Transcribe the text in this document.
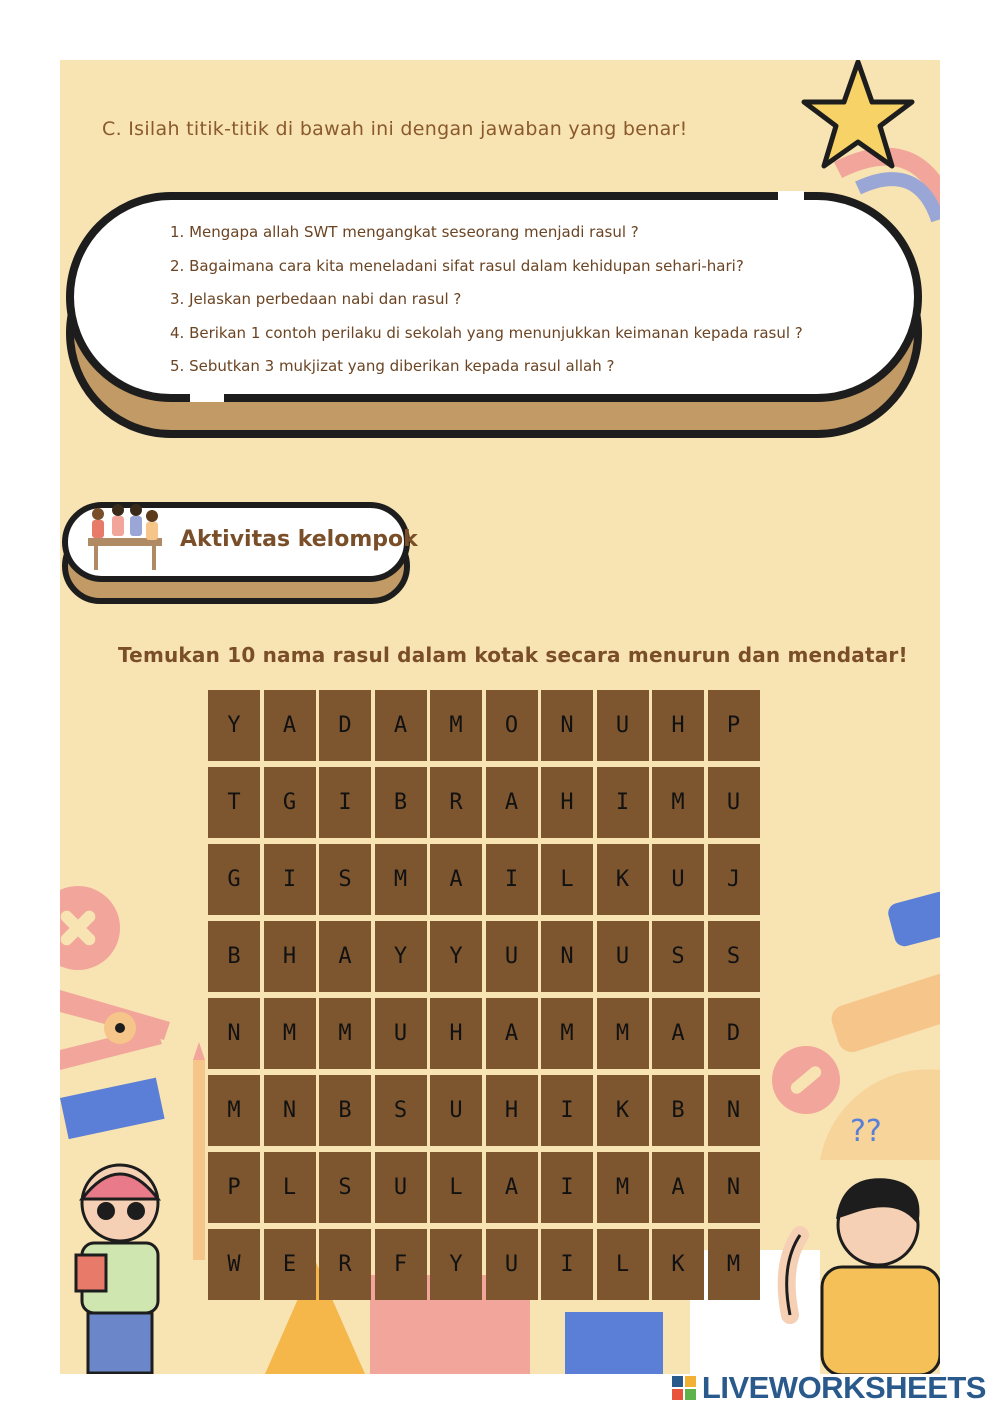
C. Isilah titik-titik di bawah ini dengan jawaban yang benar!
1. Mengapa allah SWT mengangkat seseorang menjadi rasul ?
2. Bagaimana cara kita meneladani sifat rasul dalam kehidupan sehari-hari?
3. Jelaskan perbedaan nabi dan rasul ?
4. Berikan 1 contoh perilaku di sekolah yang menunjukkan keimanan kepada rasul ?
5. Sebutkan 3 mukjizat yang diberikan kepada rasul allah ?
Aktivitas kelompok
Temukan 10 nama rasul dalam kotak secara menurun dan mendatar!
??
Y	A	D	A	M	O	N	U	H	P
T	G	I	B	R	A	H	I	M	U
G	I	S	M	A	I	L	K	U	J
B	H	A	Y	Y	U	N	U	S	S
N	M	M	U	H	A	M	M	A	D
M	N	B	S	U	H	I	K	B	N
P	L	S	U	L	A	I	M	A	N
W	E	R	F	Y	U	I	L	K	M
LIVEWORKSHEETS
